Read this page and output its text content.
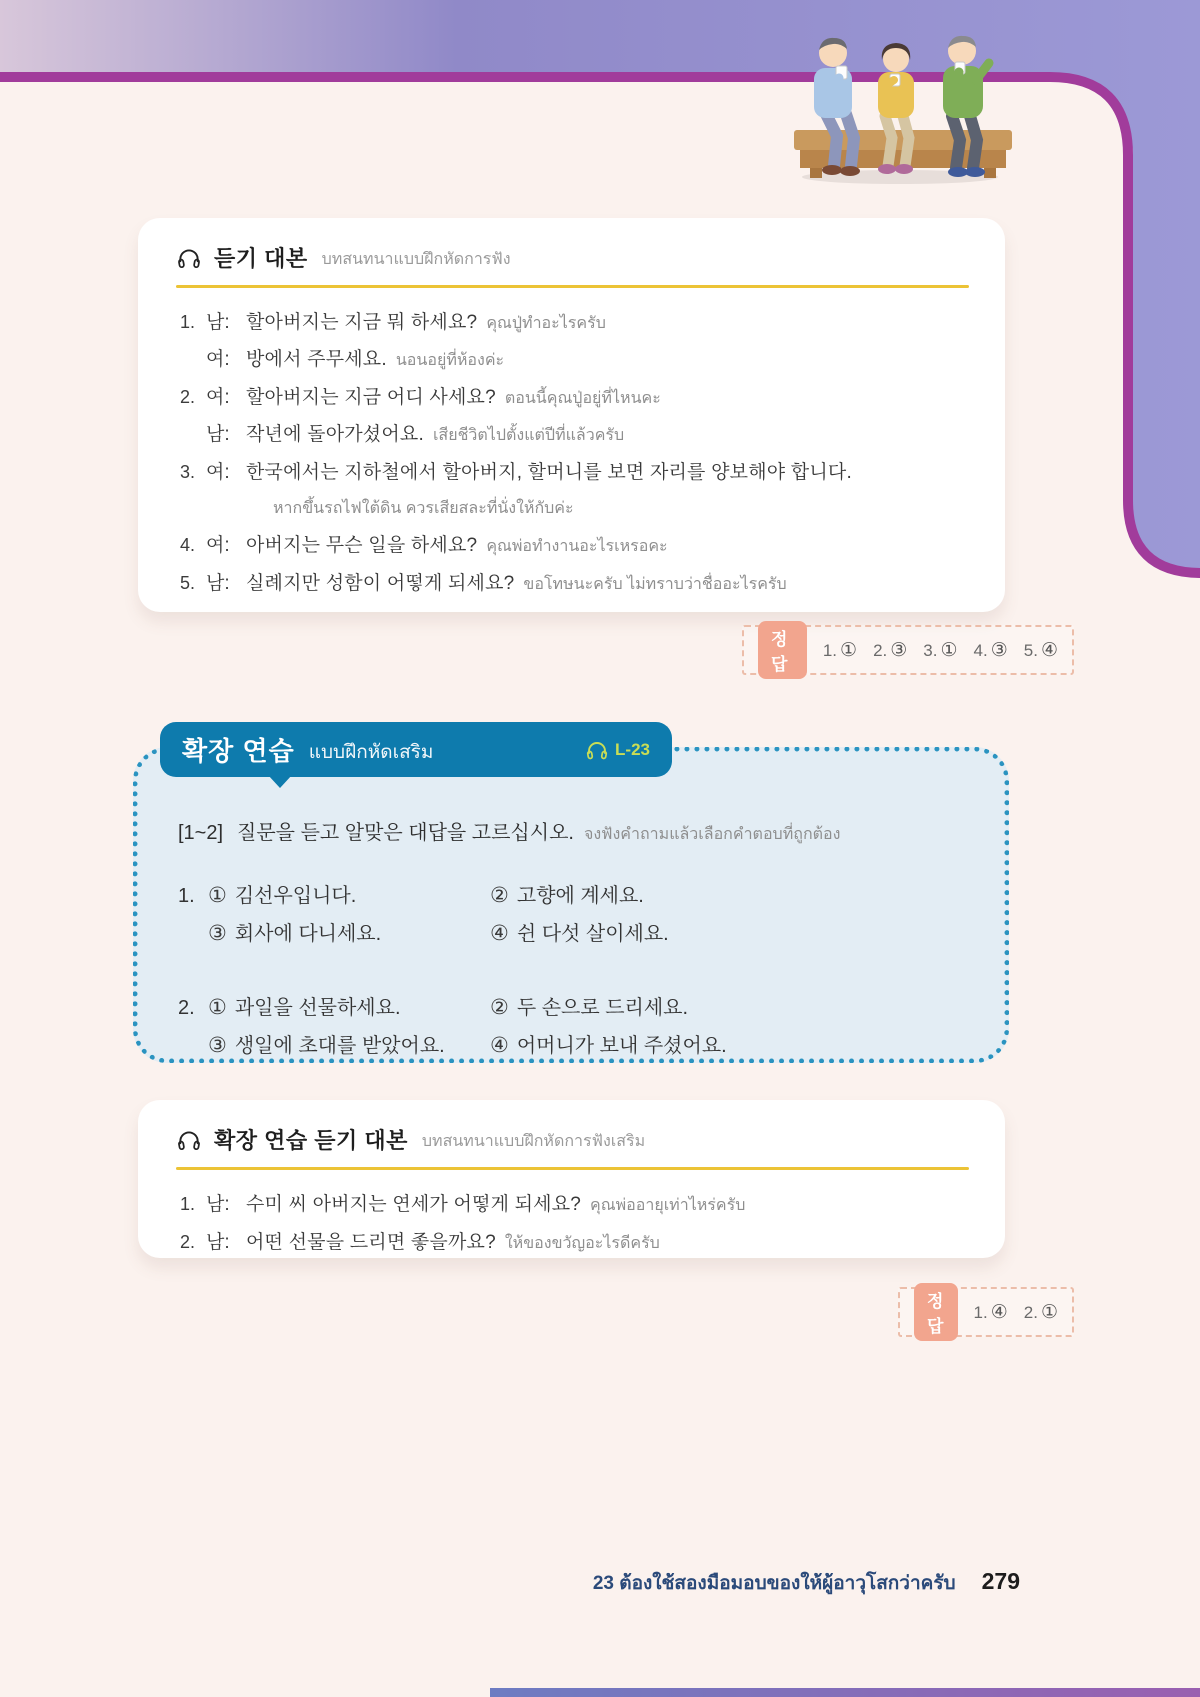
듣기 대본 บทสนทนาแบบฝึกหัดการฟัง
1. 남: 할아버지는 지금 뭐 하세요? คุณปู่ทำอะไรครับ
여: 방에서 주무세요. นอนอยู่ที่ห้องค่ะ
2. 여: 할아버지는 지금 어디 사세요? ตอนนี้คุณปู่อยู่ที่ไหนคะ
남: 작년에 돌아가셨어요. เสียชีวิตไปตั้งแต่ปีที่แล้วครับ
3. 여: 한국에서는 지하철에서 할아버지, 할머니를 보면 자리를 양보해야 합니다.
หากขึ้นรถไฟใต้ดิน ควรเสียสละที่นั่งให้กับค่ะ
4. 여: 아버지는 무슨 일을 하세요? คุณพ่อทำงานอะไรเหรอคะ
5. 남: 실례지만 성함이 어떻게 되세요? ขอโทษนะครับ ไม่ทราบว่าชื่ออะไรครับ
정답
1. ① 2. ③ 3. ① 4. ③ 5. ④
확장 연습 แบบฝึกหัดเสริม	L-23
[1~2] 질문을 듣고 알맞은 대답을 고르십시오. จงฟังคำถามแล้วเลือกคำตอบที่ถูกต้อง
1. ① 김선우입니다.	② 고향에 계세요.
③ 회사에 다니세요.	④ 쉰 다섯 살이세요.
2. ① 과일을 선물하세요.	② 두 손으로 드리세요.
③ 생일에 초대를 받았어요. ④ 어머니가 보내 주셨어요.
확장 연습 듣기 대본 บทสนทนาแบบฝึกหัดการฟังเสริม
1. 남: 수미 씨 아버지는 연세가 어떻게 되세요? คุณพ่ออายุเท่าไหร่ครับ
2. 남: 어떤 선물을 드리면 좋을까요? ให้ของขวัญอะไรดีครับ
정답
1. ④ 2. ①
23 ต้องใช้สองมือมอบของให้ผู้อาวุโสกว่าครับ 279
